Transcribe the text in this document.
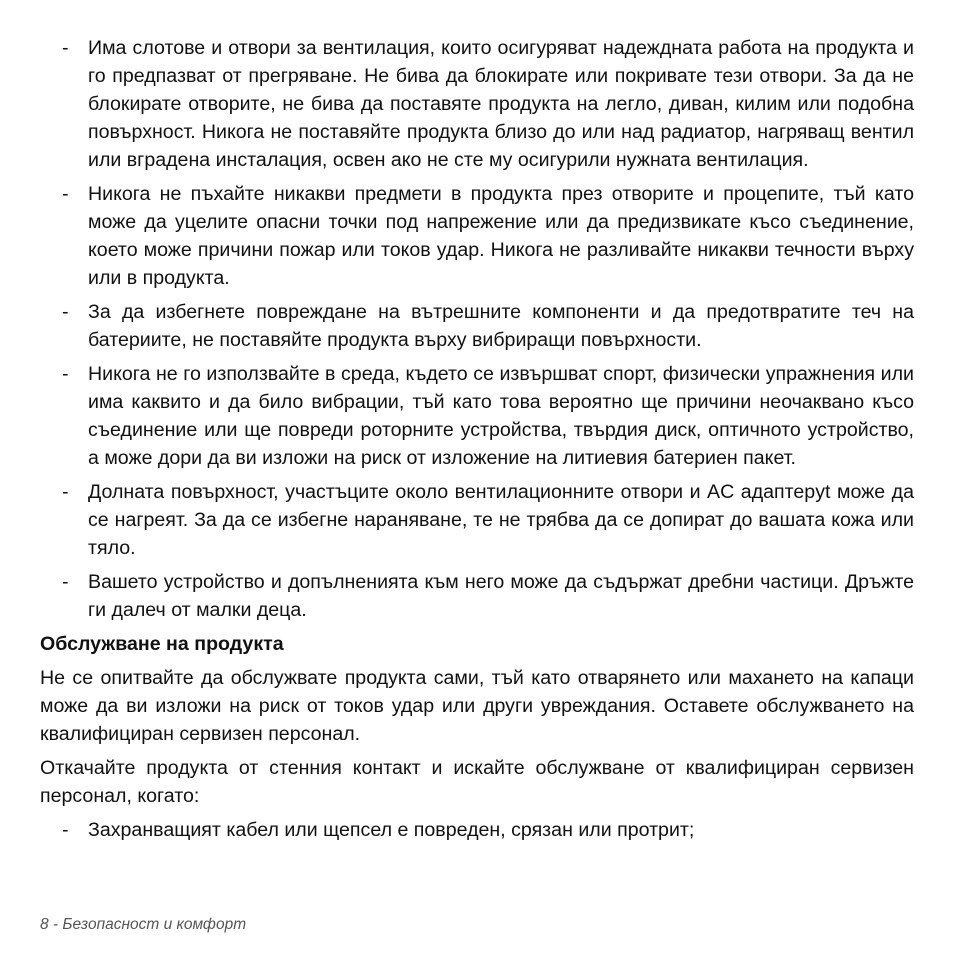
- Има слотове и отвори за вентилация, които осигуряват надеждната работа на продукта и го предпазват от прегряване. Не бива да блокирате или покривате тези отвори. За да не блокирате отворите, не бива да поставяте продукта на легло, диван, килим или подобна повърхност. Никога не поставяйте продукта близо до или над радиатор, нагряващ вентил или вградена инсталация, освен ако не сте му осигурили нужната вентилация.
- Никога не пъхайте никакви предмети в продукта през отворите и процепите, тъй като може да уцелите опасни точки под напрежение или да предизвикате късо съединение, което може причини пожар или токов удар. Никога не разливайте никакви течности върху или в продукта.
- За да избегнете повреждане на вътрешните компоненти и да предотвратите теч на батериите, не поставяйте продукта върху вибриращи повърхности.
- Никога не го използвайте в среда, където се извършват спорт, физически упражнения или има каквито и да било вибрации, тъй като това вероятно ще причини неочаквано късо съединение или ще повреди роторните устройства, твърдия диск, оптичното устройство, а може дори да ви изложи на риск от изложение на литиевия батериен пакет.
- Долната повърхност, участъците около вентилационните отвори и AC адаптерyt може да се нагреят. За да се избегне нараняване, те не трябва да се допират до вашата кожа или тяло.
- Вашето устройство и допълненията към него може да съдържат дребни частици. Дръжте ги далеч от малки деца.
Обслужване на продукта

Не се опитвайте да обслужвате продукта сами, тъй като отварянето или махането на капаци може да ви изложи на риск от токов удар или други увреждания. Оставете обслужването на квалифициран сервизен персонал.

Откачайте продукта от стенния контакт и искайте обслужване от квалифициран сервизен персонал, когато:

- Захранващият кабел или щепсел е повреден, срязан или протрит;
8 - Безопасност и комфорт
